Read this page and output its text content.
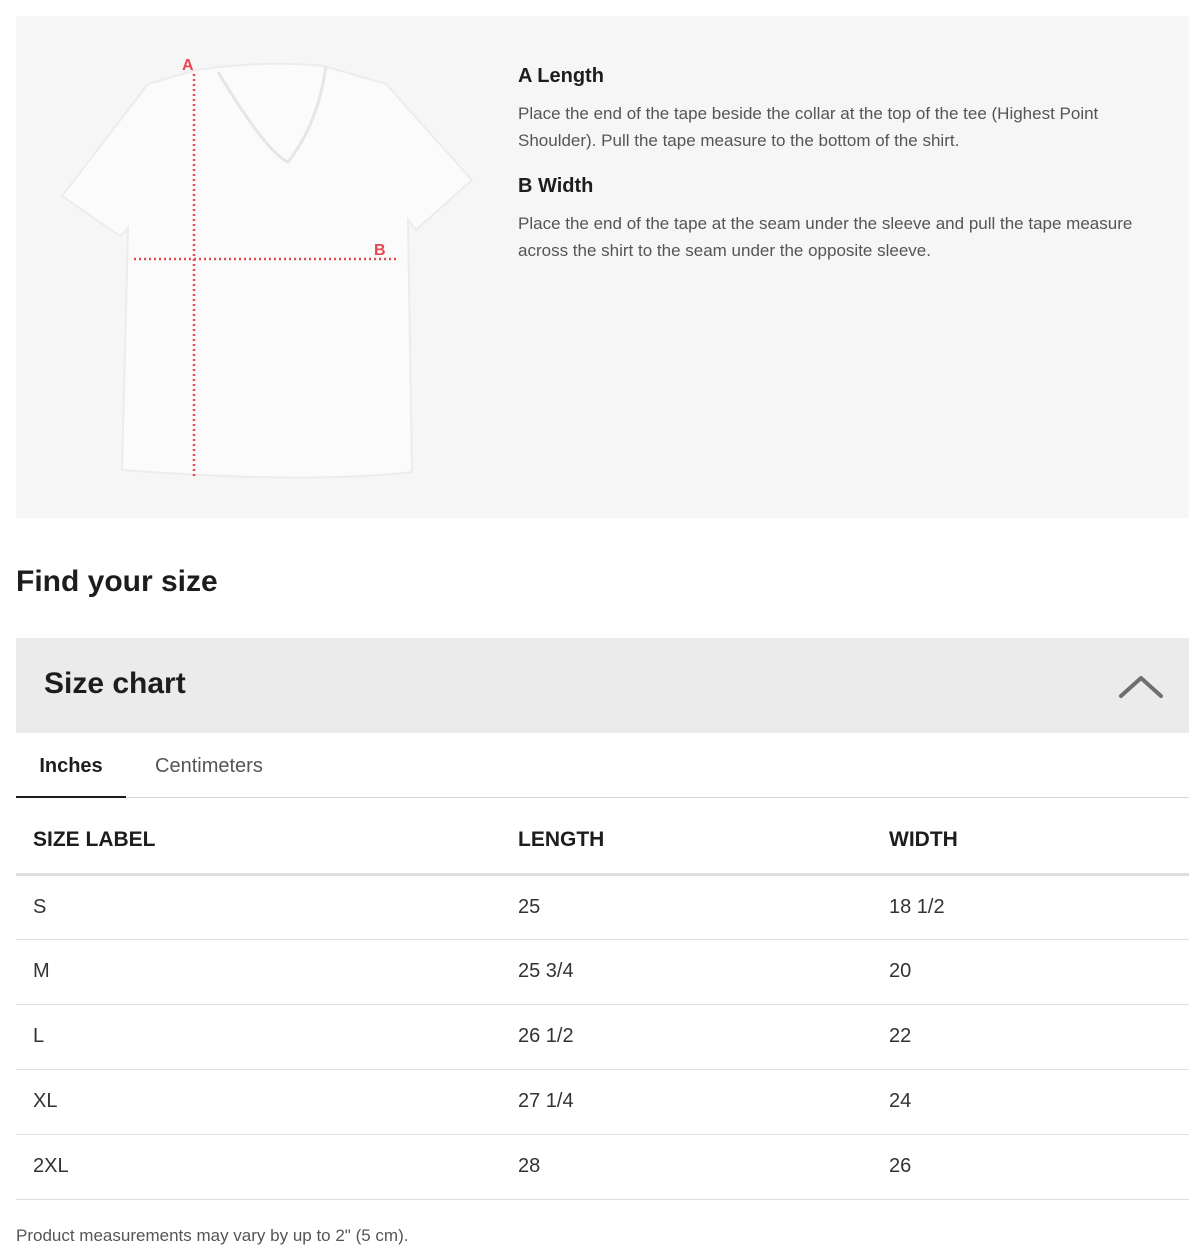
A
B
A Length
Place the end of the tape beside the collar at the top of the tee (Highest Point Shoulder). Pull the tape measure to the bottom of the shirt.
B Width
Place the end of the tape at the seam under the sleeve and pull the tape measure across the shirt to the seam under the opposite sleeve.
Find your size
Size chart
Inches	Centimeters
SIZE LABEL	LENGTH	WIDTH
S	25	18 1/2
M	25 3/4	20
L	26 1/2	22
XL	27 1/4	24
2XL	28	26
Product measurements may vary by up to 2" (5 cm).
